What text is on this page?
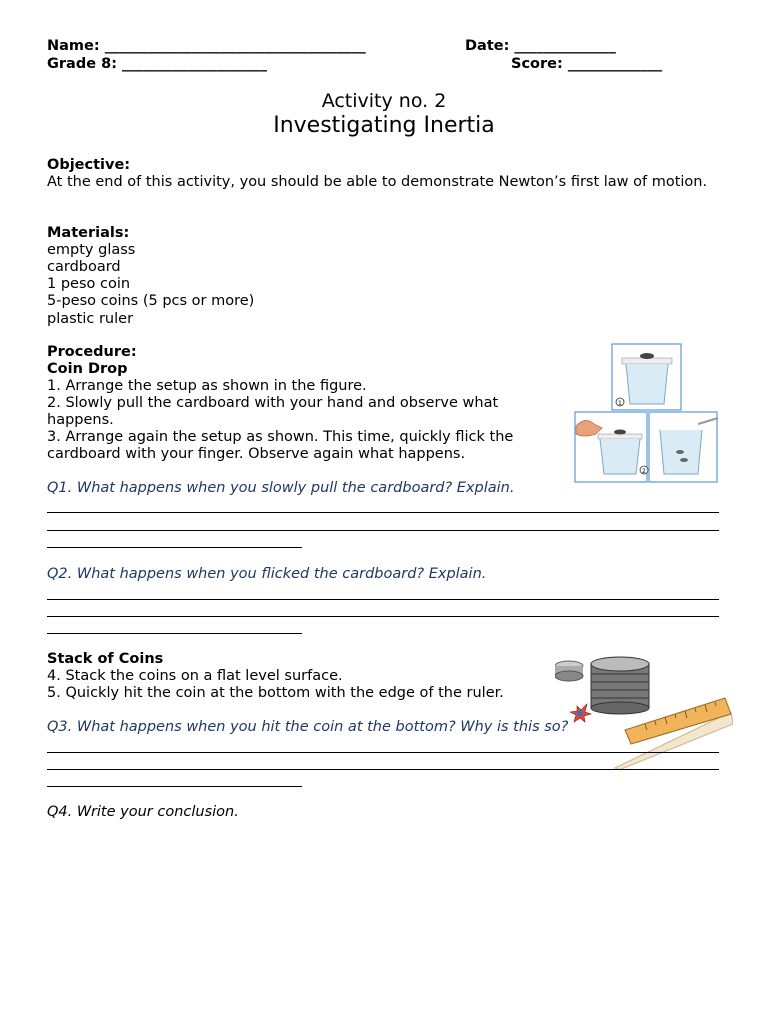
Name: ____________________________________	Date: ______________
Grade 8: ____________________	Score: _____________
Activity no. 2
Investigating Inertia
Objective:
At the end of this activity, you should be able to demonstrate Newton’s first law of motion.
Materials:
empty glass
cardboard
1 peso coin
5-peso coins (5 pcs or more)
plastic ruler
Procedure:
Coin Drop
1. Arrange the setup as shown in the figure.
2. Slowly pull the cardboard with your hand and observe what happens.
3. Arrange again the setup as shown. This time, quickly flick the cardboard with your finger. Observe again what happens.
1
2
Q1. What happens when you slowly pull the cardboard? Explain.
Q2. What happens when you flicked the cardboard? Explain.
Stack of Coins
4. Stack the coins on a flat level surface.
5. Quickly hit the coin at the bottom with the edge of the ruler.
Q3. What happens when you hit the coin at the bottom? Why is this so?
Q4. Write your conclusion.
